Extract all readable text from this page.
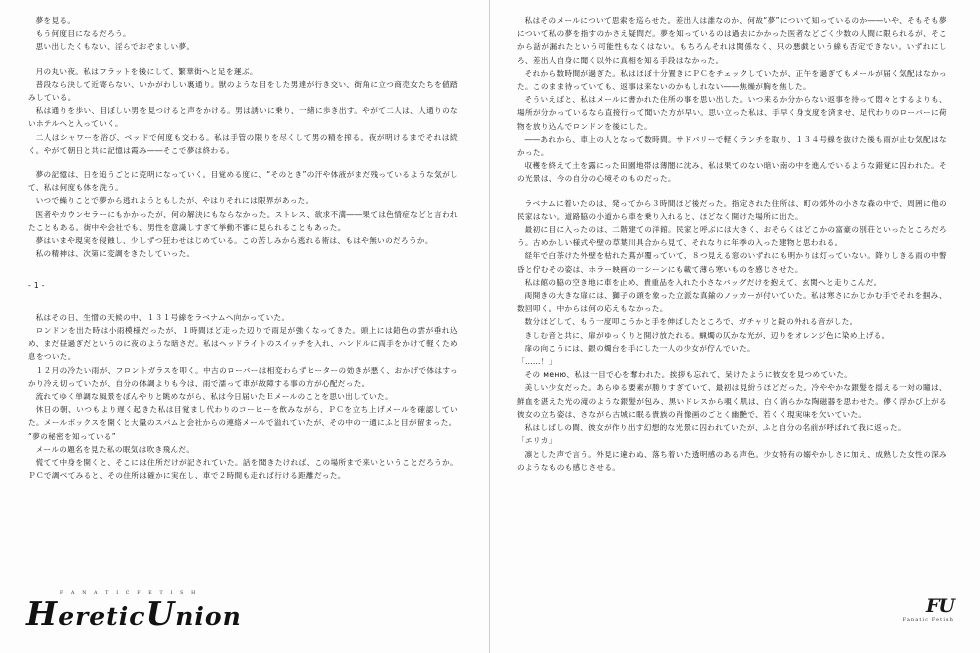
夢を見る。

もう何度目になるだろう。

思い出したくもない、淫らでおぞましい夢。

月の丸い夜。私はフラットを後にして、繁華街へと足を運ぶ。

普段なら決して近寄らない、いかがわしい裏通り。獣のような目をした男達が行き交い、街角に立つ商売女たちを値踏みしている。

私は通りを歩い、目ぼしい男を見つけると声をかける。男は誘いに乗り、一緒に歩き出す。やがて二人は、人通りのないホテルへと入っていく。

二人はシャワーを浴び、ベッドで何度も交わる。私は手管の限りを尽くして男の精を搾る。夜が明けるまでそれは続く。やがて朝日と共に記憶は霞み――そこで夢は終わる。

夢の記憶は、日を追うごとに克明になっていく。目覚める度に、“そのとき”の汗や体液がまだ残っているような気がして、私は何度も体を洗う。

いつで繰りことで夢から逃れようともしたが、やはりそれには限界があった。

医者やカウンセラーにもかかったが、何の解決にもならなかった。ストレス、欲求不満――果ては色情症などと言われたこともある。街中や会社でも、男性を意識しすぎて挙動不審に見られることもあった。

夢はいまや現実を侵蝕し、少しずつ狂わせはじめている。この苦しみから逃れる術は、もはや無いのだろうか。

私の精神は、次第に変調をきたしていった。

- 1 -

私はその日、生憎の天候の中、１３１号線をラベナムへ向かっていた。

ロンドンを出た時は小雨模様だったが、１時間ほど走った辺りで雨足が強くなってきた。頭上には鉛色の雲が垂れ込め、まだ昼過ぎだというのに夜のような暗さだ。私はヘッドライトのスイッチを入れ、ハンドルに両手をかけて軽くため息をついた。

１２月の冷たい雨が、フロントガラスを叩く。中古のローバーは相変わらずヒーターの効きが悪く、おかげで体はすっかり冷え切っていたが、自分の体調よりも今は、雨で濡って車が故障する事の方が心配だった。

流れてゆく単調な風景をぼんやりと眺めながら、私は今日届いたＥメールのことを思い出していた。

休日の朝、いつもより遅く起きた私は目覚まし代わりのコーヒーを飲みながら、ＰＣを立ち上げメールを確認していた。メールボックスを開くと大量のスパムと会社からの連絡メールで溢れていたが、その中の一通にふと目が留まった。

“夢の秘密を知っている”

メールの題名を見た私の眠気は吹き飛んだ。

慌てて中身を開くと、そこには住所だけが記されていた。話を聞きたければ、この場所まで来いということだろうか。ＰＣで調べてみると、その住所は確かに実在し、車で２時間も走れば行ける距離だった。

私はそのメールについて思索を巡らせた。差出人は誰なのか、何故“夢”について知っているのか――いや、そもそも夢について私の夢を指すのかさえ疑問だ。夢を知っているのは過去にかかった医者などごく少数の人間に限られるが、そこから話が漏れたという可能性もなくはない。もちろんそれは関係なく、只の悪戯という線も否定できない。いずれにしろ、差出人自身に聞く以外に真相を知る手段はなかった。

それから数時間が過ぎた。私はほぼ十分置きにＰＣをチェックしていたが、正午を過ぎてもメールが届く気配はなかった。このまま待っていても、返事は来ないのかもしれない――焦燥が胸を焦した。

そういえばと、私はメールに書かれた住所の事を思い出した。いつ来るか分からない返事を待って悶々とするよりも、場所が分かっているなら直接行って聞いた方が早い。思い立った私は、手早く身支度を済ませ、足代わりのローバーに荷物を放り込んでロンドンを後にした。

――あれから、車上の人となって数時間。サドバリーで軽くランチを取り、１３４号線を抜けた後も雨が止む気配はなかった。

収穫を終えて土を露にった田園地帯は薄闇に沈み、私は果てのない暗い南の中を進んでいるような錯覚に囚われた。その光景は、今の自分の心境そのものだった。

ラベナムに着いたのは、発ってから３時間ほど後だった。指定された住所は、町の郊外の小さな森の中で、周囲に他の民家はない。道路脇の小道から車を乗り入れると、ほどなく開けた場所に出た。

最初に目に入ったのは、二階建ての洋館。民家と呼ぶには大きく、おそらくはどこかの富豪の別荘といったところだろう。古めかしい様式や壁の草葉川具合から見て、それなりに年季の入った建物と思われる。

経年で白茶けた外壁を枯れた蔦が覆っていて、８つ見える窓のいずれにも明かりは灯っていない。降りしきる雨の中瞥昏と佇むその姿は、ホラー映画の一シーンにも載て薄ら寒いものを感じさせた。

私は館の脇の空き地に車を止め、貴重品を入れた小さなバッグだけを抱えて、玄関へと走りこんだ。

両開きの大きな扉には、獅子の頭を象った立派な真鍮のノッカーが付いていた。私は寒さにかじかむ手でそれを掴み、数回叩く。中からは何の応えもなかった。

数分ほどして、もう一度叩こうかと手を伸ばしたところで、ガチャリと錠の外れる音がした。

きしむ音と共に、扉がゆっくりと開け放たれる。蝋燭の仄かな光が、辺りをオレンジ色に染め上げる。

扉の向こうには、銀の燭台を手にした一人の少女が佇んでいた。

「……！」

その меню、私は一目で心を奪われた。挨拶も忘れて、呆けたように彼女を見つめていた。

美しい少女だった。あらゆる要素が勝りすぎていて、最初は見紛うほどだった。冷ややかな銀髪を揺える一対の瞳は、鮮血を湛えた光の滝のような銀髪が包み、黒いドレスから覗く肌は、白く消らかな陶磁器を思わせた。儚く浮かび上がる彼女の立ち姿は、さながら古城に眠る貴族の肖像画のごとく幽艶で、若くく現実味を欠いていた。

私はしばしの間、彼女が作り出す幻想的な光景に囚われていたが、ふと自分の名前が呼ばれて我に返った。

「エリカ」

凛とした声で言う。外見に違わぬ、落ち着いた透明感のある声色。少女特有の嫋やかしさに加え、成熟した女性の深みのようなものも感じさせる。

F A N A T I C F E T I S H
HereticUnion	FU
Fanatic Fetish
